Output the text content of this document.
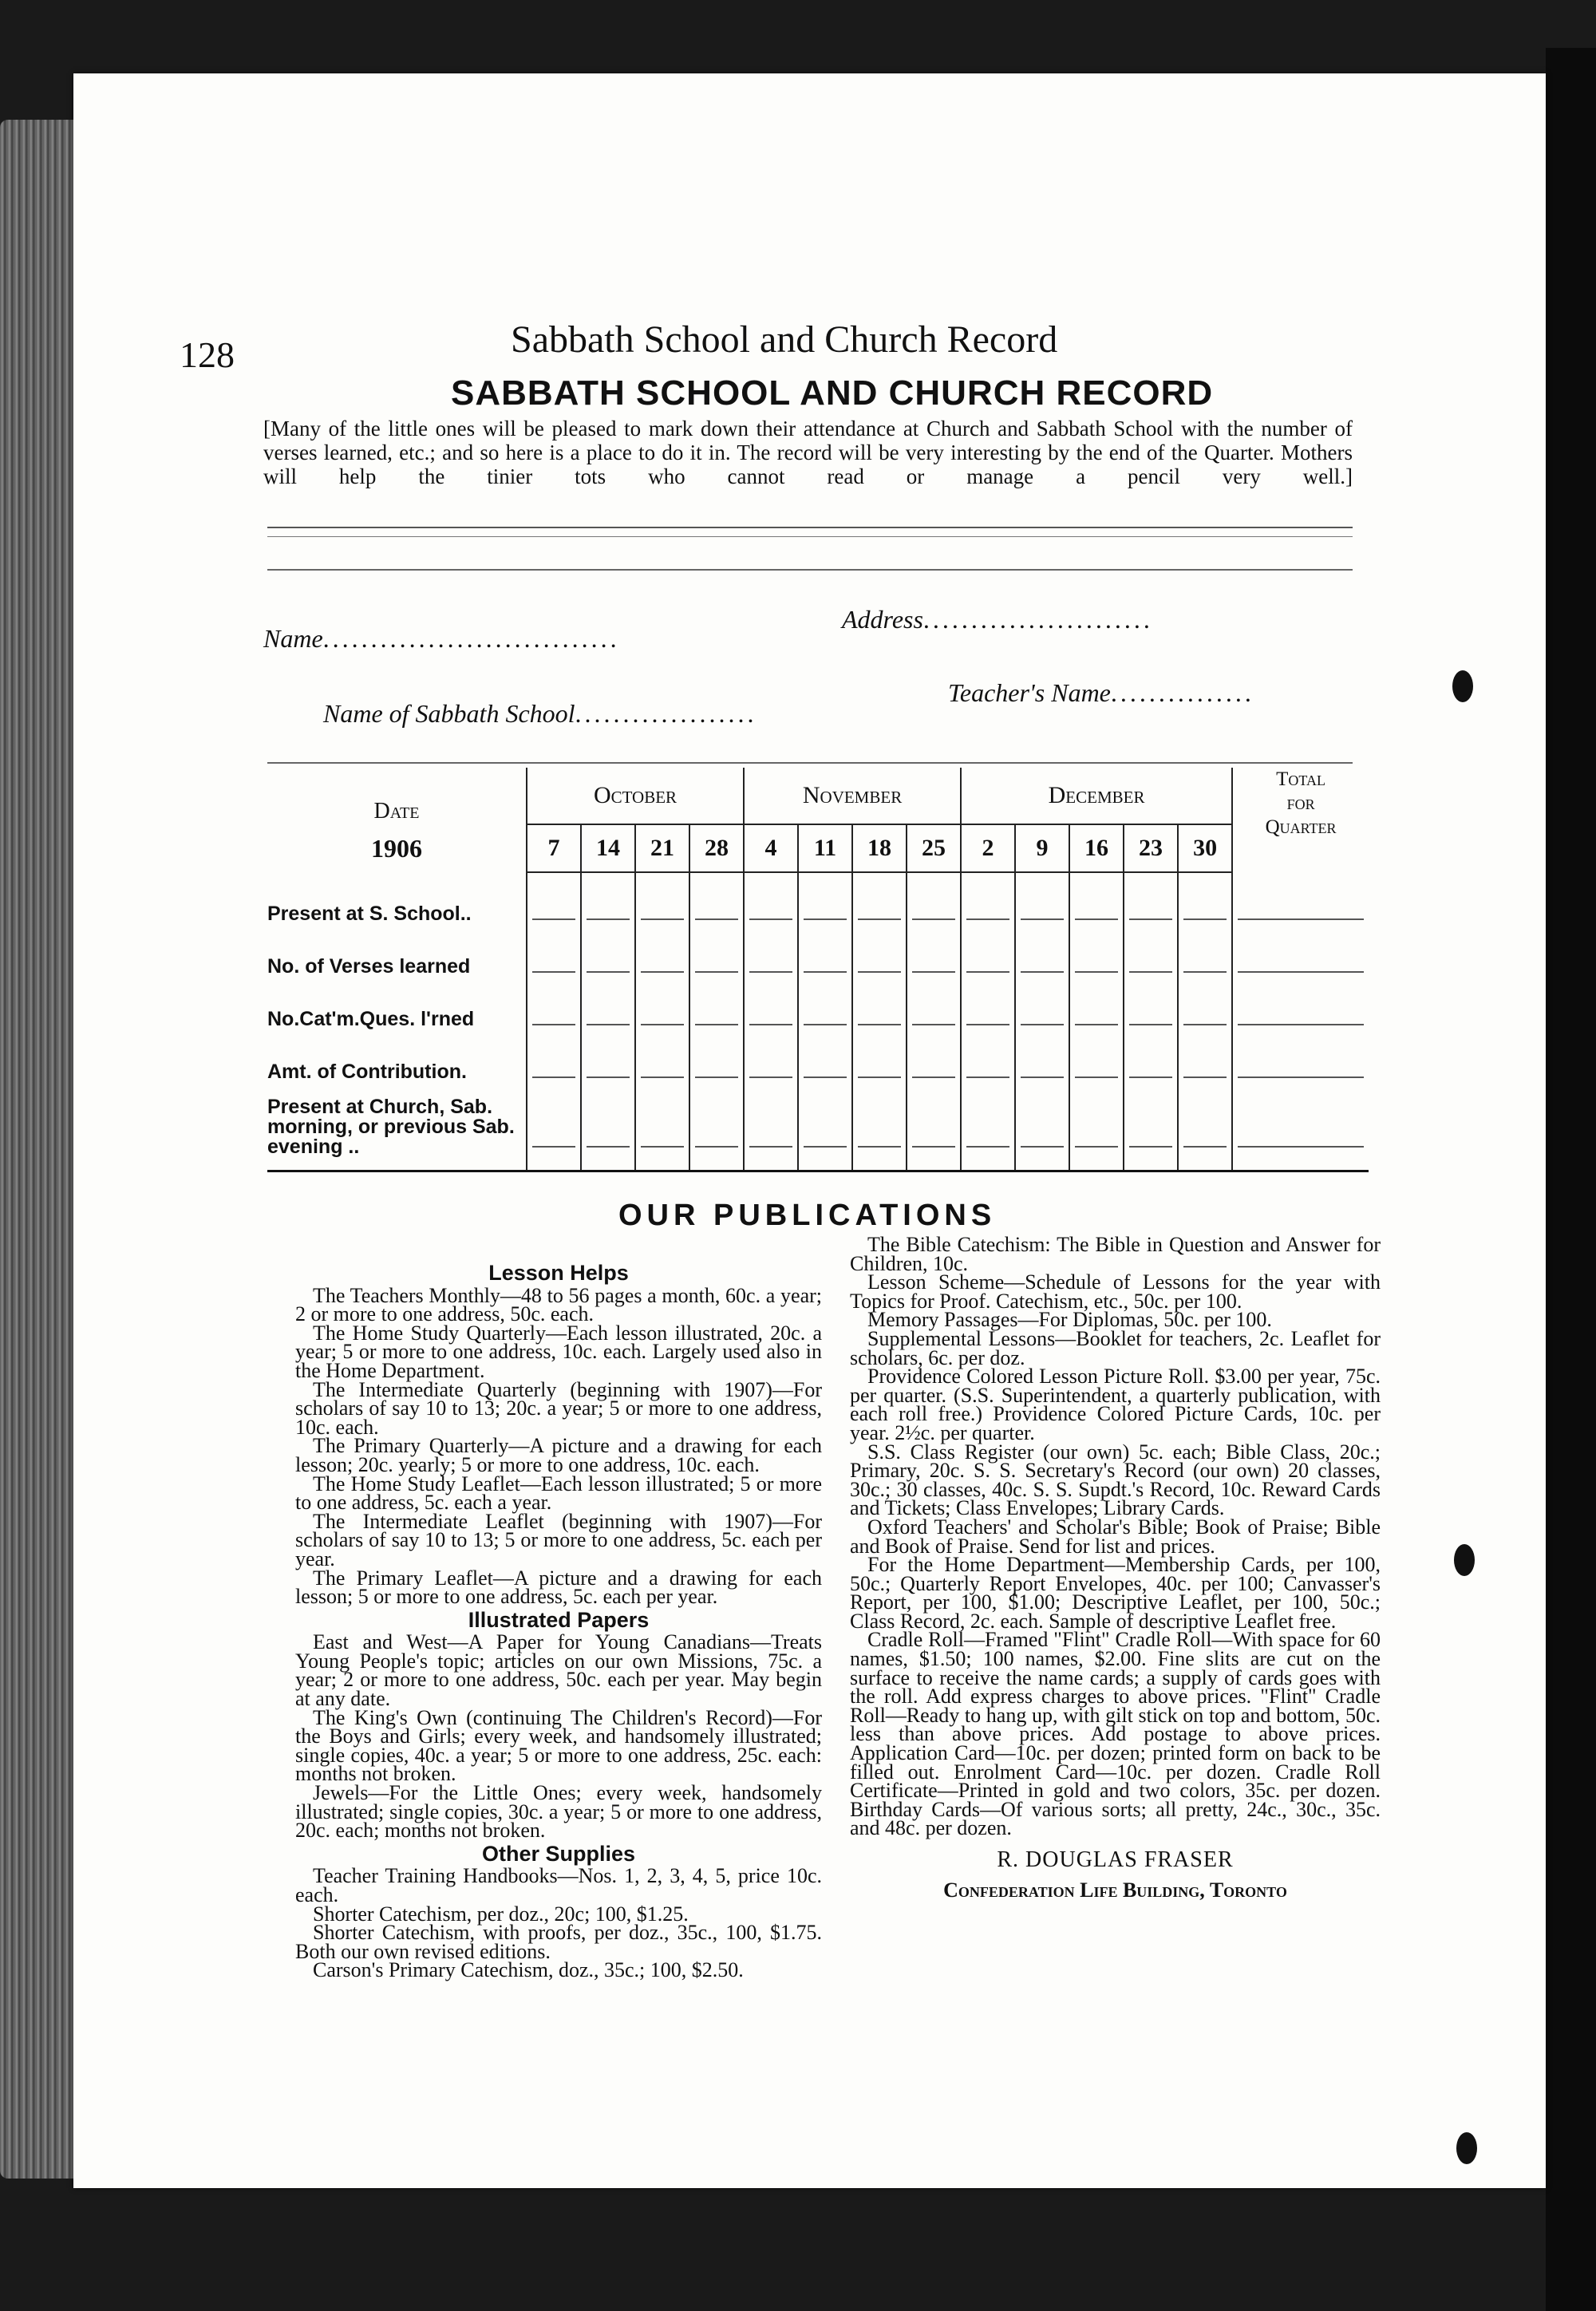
128	Sabbath School and Church Record
SABBATH SCHOOL AND CHURCH RECORD
[Many of the little ones will be pleased to mark down their attendance at Church and Sabbath School with the number of verses learned, etc.; and so here is a place to do it in. The record will be very interesting by the end of the Quarter. Mothers will help the tinier tots who cannot read or manage a pencil very well.]
Name...............................
Address........................
Name of Sabbath School...................
Teacher's Name...............
Date	October				November				December					Total
for
Quarter

1906	7	14	21	28	4	11	18	25	2	9	16	23	30	
Present at S. School..	

No. of Verses learned	

No.Cat'm.Ques. l'rned	

Amt. of Contribution.	

Present at Church, Sab. morning, or previous Sab. evening ..	

OUR PUBLICATIONS
Lesson Helps

The Teachers Monthly—48 to 56 pages a month, 60c. a year; 2 or more to one address, 50c. each.

The Home Study Quarterly—Each lesson illustrated, 20c. a year; 5 or more to one address, 10c. each. Largely used also in the Home Department.

The Intermediate Quarterly (beginning with 1907)—For scholars of say 10 to 13; 20c. a year; 5 or more to one address, 10c. each.

The Primary Quarterly—A picture and a drawing for each lesson; 20c. yearly; 5 or more to one address, 10c. each.

The Home Study Leaflet—Each lesson illustrated; 5 or more to one address, 5c. each a year.

The Intermediate Leaflet (beginning with 1907)—For scholars of say 10 to 13; 5 or more to one address, 5c. each per year.

The Primary Leaflet—A picture and a drawing for each lesson; 5 or more to one address, 5c. each per year.

Illustrated Papers

East and West—A Paper for Young Canadians—Treats Young People's topic; articles on our own Missions, 75c. a year; 2 or more to one address, 50c. each per year. May begin at any date.

The King's Own (continuing The Children's Record)—For the Boys and Girls; every week, and handsomely illustrated; single copies, 40c. a year; 5 or more to one address, 25c. each: months not broken.

Jewels—For the Little Ones; every week, handsomely illustrated; single copies, 30c. a year; 5 or more to one address, 20c. each; months not broken.

Other Supplies

Teacher Training Handbooks—Nos. 1, 2, 3, 4, 5, price 10c. each.

Shorter Catechism, per doz., 20c; 100, $1.25.

Shorter Catechism, with proofs, per doz., 35c., 100, $1.75. Both our own revised editions.

Carson's Primary Catechism, doz., 35c.; 100, $2.50.

The Bible Catechism: The Bible in Question and Answer for Children, 10c.

Lesson Scheme—Schedule of Lessons for the year with Topics for Proof. Catechism, etc., 50c. per 100.

Memory Passages—For Diplomas, 50c. per 100.

Supplemental Lessons—Booklet for teachers, 2c. Leaflet for scholars, 6c. per doz.

Providence Colored Lesson Picture Roll. $3.00 per year, 75c. per quarter. (S.S. Superintendent, a quarterly publication, with each roll free.) Providence Colored Picture Cards, 10c. per year. 2½c. per quarter.

S.S. Class Register (our own) 5c. each; Bible Class, 20c.; Primary, 20c. S. S. Secretary's Record (our own) 20 classes, 30c.; 30 classes, 40c. S. S. Supdt.'s Record, 10c. Reward Cards and Tickets; Class Envelopes; Library Cards.

Oxford Teachers' and Scholar's Bible; Book of Praise; Bible and Book of Praise. Send for list and prices.

For the Home Department—Membership Cards, per 100, 50c.; Quarterly Report Envelopes, 40c. per 100; Canvasser's Report, per 100, $1.00; Descriptive Leaflet, per 100, 50c.; Class Record, 2c. each. Sample of descriptive Leaflet free.

Cradle Roll—Framed "Flint" Cradle Roll—With space for 60 names, $1.50; 100 names, $2.00. Fine slits are cut on the surface to receive the name cards; a supply of cards goes with the roll. Add express charges to above prices. "Flint" Cradle Roll—Ready to hang up, with gilt stick on top and bottom, 50c. less than above prices. Add postage to above prices. Application Card—10c. per dozen; printed form on back to be filled out. Enrolment Card—10c. per dozen. Cradle Roll Certificate—Printed in gold and two colors, 35c. per dozen. Birthday Cards—Of various sorts; all pretty, 24c., 30c., 35c. and 48c. per dozen.

R. DOUGLAS FRASER

Confederation Life Building, Toronto
